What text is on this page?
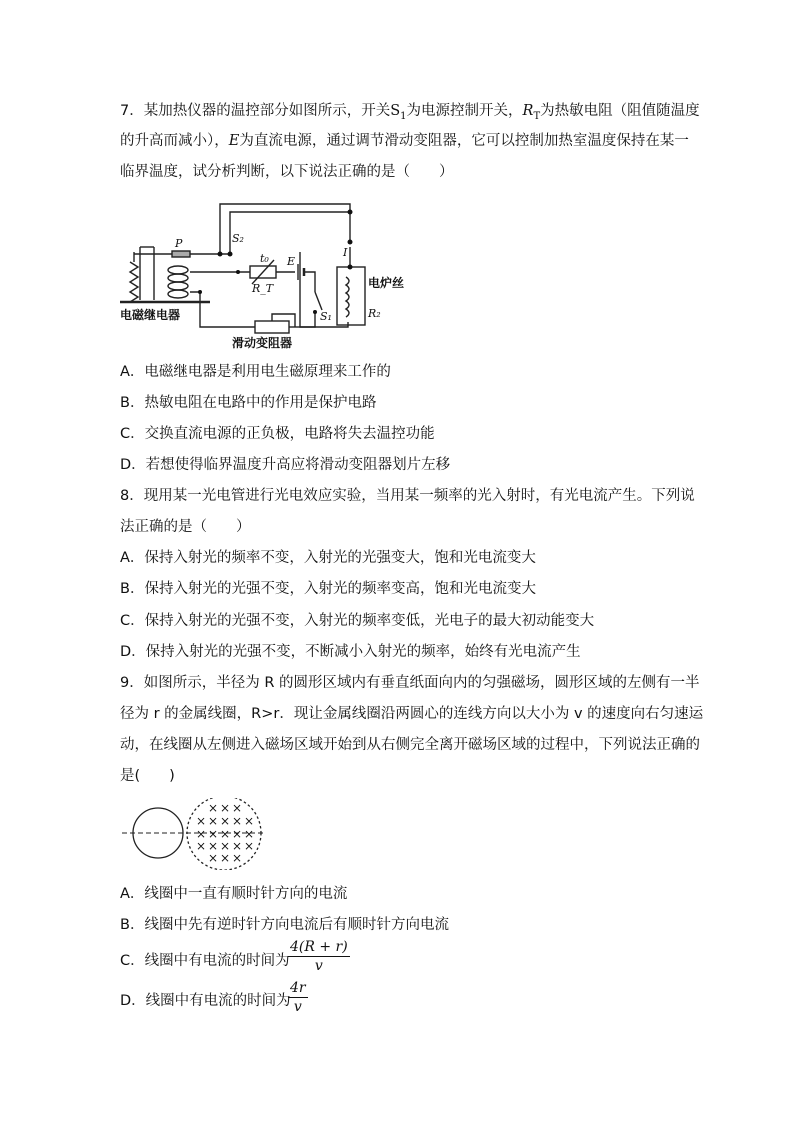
7．某加热仪器的温控部分如图所示，开关$S_1$为电源控制开关，$R_T$为热敏电阻（阻值随温度
的升高而减小），E为直流电源，通过调节滑动变阻器，它可以控制加热室温度保持在某一
临界温度，试分析判断，以下说法正确的是（　　）
P	S₂
t₀
R_T
E
S₁	R₂
I
电磁继电器
滑动变阻器
电炉丝
A．电磁继电器是利用电生磁原理来工作的
B．热敏电阻在电路中的作用是保护电路
C．交换直流电源的正负极，电路将失去温控功能
D．若想使得临界温度升高应将滑动变阻器划片左移
8．现用某一光电管进行光电效应实验，当用某一频率的光入射时，有光电流产生。下列说
法正确的是（　　）
A．保持入射光的频率不变，入射光的光强变大，饱和光电流变大
B．保持入射光的光强不变，入射光的频率变高，饱和光电流变大
C．保持入射光的光强不变，入射光的频率变低，光电子的最大初动能变大
D．保持入射光的光强不变，不断减小入射光的频率，始终有光电流产生
9．如图所示，半径为 R 的圆形区域内有垂直纸面向内的匀强磁场，圆形区域的左侧有一半
径为 r 的金属线圈，R>r．现让金属线圈沿两圆心的连线方向以大小为 v 的速度向右匀速运
动，在线圈从左侧进入磁场区域开始到从右侧完全离开磁场区域的过程中，下列说法正确的
是(　　)
× × ×
× × × × ×
× × × × ×
× × × × ×
× × ×
A．线圈中一直有顺时针方向的电流
B．线圈中先有逆时针方向电流后有顺时针方向电流
C．线圈中有电流的时间为
$\frac{4(R + r)}{v}$
D．线圈中有电流的时间为
$\frac{4r}{v}$
